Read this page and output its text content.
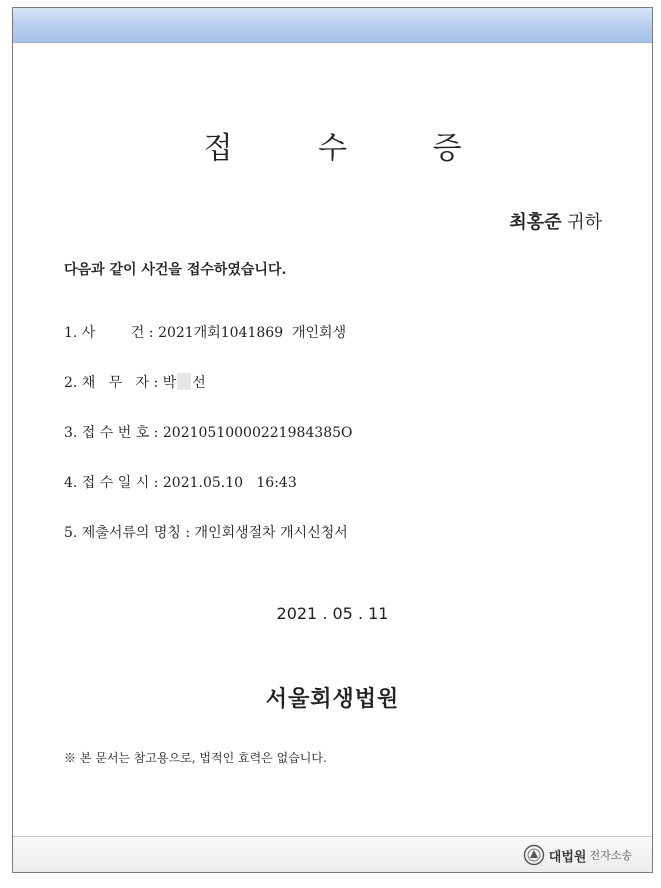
접 수 증
최홍준 귀하
다음과 같이 사건을 접수하였습니다.
1. 사        건 : 2021개회1041869  개인회생
2. 채   무   자 : 박 선
3. 접 수 번 호 : 20210510000221984385O
4. 접 수 일 시 : 2021.05.10   16:43
5. 제출서류의 명칭 : 개인회생절차 개시신청서
2021 . 05 . 11
서울회생법원
※ 본 문서는 참고용으로, 법적인 효력은 없습니다.
대법원 전자소송
